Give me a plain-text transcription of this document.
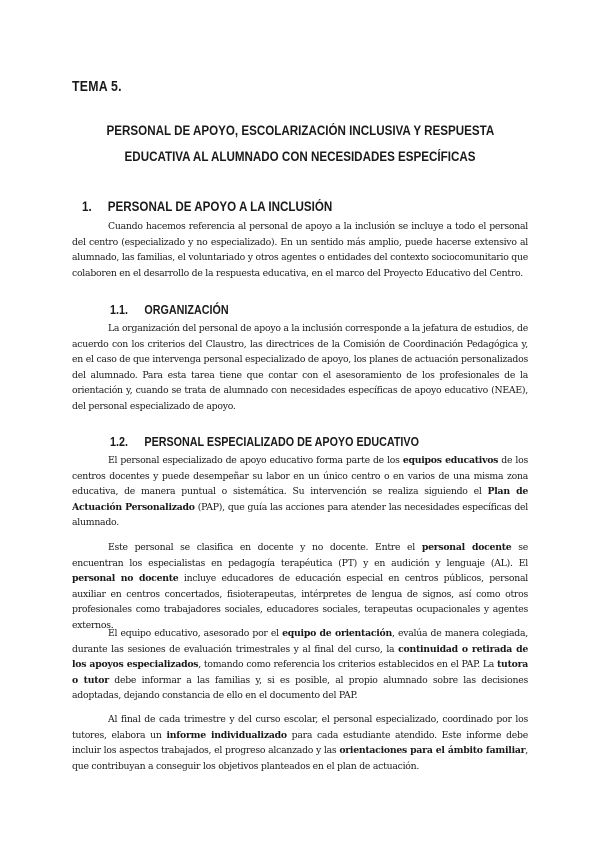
TEMA 5.
PERSONAL DE APOYO, ESCOLARIZACIÓN INCLUSIVA Y RESPUESTA
EDUCATIVA AL ALUMNADO CON NECESIDADES ESPECÍFICAS
1. PERSONAL DE APOYO A LA INCLUSIÓN

Cuando hacemos referencia al personal de apoyo a la inclusión se incluye a todo el personal del centro (especializado y no especializado). En un sentido más amplio, puede hacerse extensivo al alumnado, las familias, el voluntariado y otros agentes o entidades del contexto sociocomunitario que colaboren en el desarrollo de la respuesta educativa, en el marco del Proyecto Educativo del Centro.

1.1. ORGANIZACIÓN

La organización del personal de apoyo a la inclusión corresponde a la jefatura de estudios, de acuerdo con los criterios del Claustro, las directrices de la Comisión de Coordinación Pedagógica y, en el caso de que intervenga personal especializado de apoyo, los planes de actuación personalizados del alumnado. Para esta tarea tiene que contar con el asesoramiento de los profesionales de la orientación y, cuando se trata de alumnado con necesidades específicas de apoyo educativo (NEAE), del personal especializado de apoyo.

1.2. PERSONAL ESPECIALIZADO DE APOYO EDUCATIVO

El personal especializado de apoyo educativo forma parte de los equipos educativos de los centros docentes y puede desempeñar su labor en un único centro o en varios de una misma zona educativa, de manera puntual o sistemática. Su intervención se realiza siguiendo el Plan de Actuación Personalizado (PAP), que guía las acciones para atender las necesidades específicas del alumnado.

Este personal se clasifica en docente y no docente. Entre el personal docente se encuentran los especialistas en pedagogía terapéutica (PT) y en audición y lenguaje (AL). El personal no docente incluye educadores de educación especial en centros públicos, personal auxiliar en centros concertados, fisioterapeutas, intérpretes de lengua de signos, así como otros profesionales como trabajadores sociales, educadores sociales, terapeutas ocupacionales y agentes externos.

El equipo educativo, asesorado por el equipo de orientación, evalúa de manera colegiada, durante las sesiones de evaluación trimestrales y al final del curso, la continuidad o retirada de los apoyos especializados, tomando como referencia los criterios establecidos en el PAP. La tutora o tutor debe informar a las familias y, si es posible, al propio alumnado sobre las decisiones adoptadas, dejando constancia de ello en el documento del PAP.

Al final de cada trimestre y del curso escolar, el personal especializado, coordinado por los tutores, elabora un informe individualizado para cada estudiante atendido. Este informe debe incluir los aspectos trabajados, el progreso alcanzado y las orientaciones para el ámbito familiar, que contribuyan a conseguir los objetivos planteados en el plan de actuación.
